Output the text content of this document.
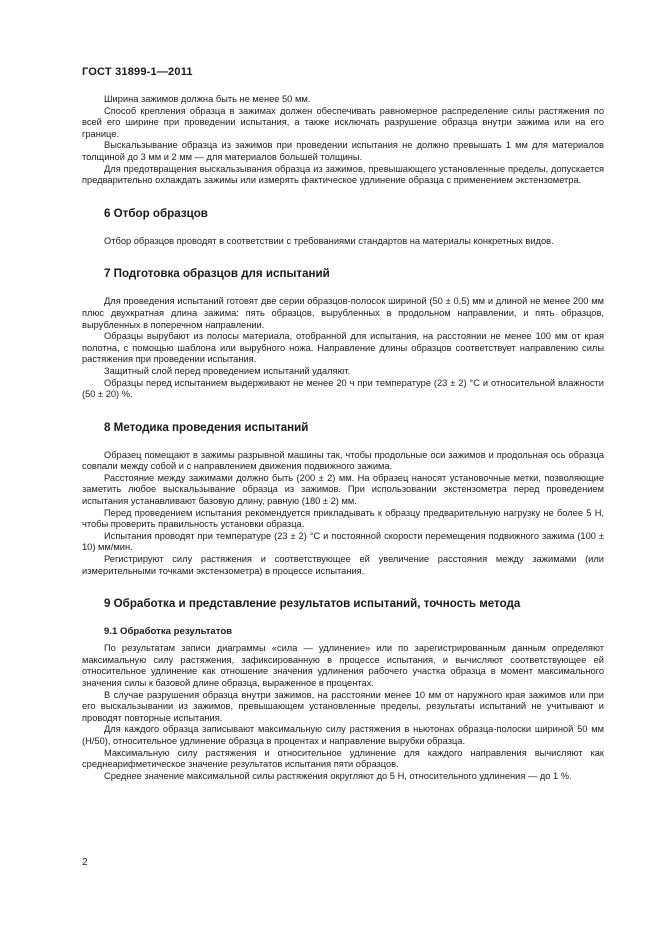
ГОСТ 31899-1—2011

Ширина зажимов должна быть не менее 50 мм.

Способ крепления образца в зажимах должен обеспечивать равномерное распределение силы растяжения по всей его ширине при проведении испытания, а также исключать разрушение образца внутри зажима или на его границе.

Выскальзывание образца из зажимов при проведении испытания не должно превышать 1 мм для материалов толщиной до 3 мм и 2 мм — для материалов большей толщины.

Для предотвращения выскальзывания образца из зажимов, превышающего установленные пределы, допускается предварительно охлаждать зажимы или измерять фактическое удлинение образца с применением экстензометра.

6 Отбор образцов

Отбор образцов проводят в соответствии с требованиями стандартов на материалы конкретных видов.

7 Подготовка образцов для испытаний

Для проведения испытаний готовят две серии образцов-полосок шириной (50 ± 0,5) мм и длиной не менее 200 мм плюс двухкратная длина зажима: пять образцов, вырубленных в продольном направлении, и пять образцов, вырубленных в поперечном направлении.

Образцы вырубают из полосы материала, отобранной для испытания, на расстоянии не менее 100 мм от края полотна, с помощью шаблона или вырубного ножа. Направление длины образцов соответствует направлению силы растяжения при проведении испытания.

Защитный слой перед проведением испытаний удаляют.

Образцы перед испытанием выдерживают не менее 20 ч при температуре (23 ± 2) °С и относительной влажности (50 ± 20) %.

8 Методика проведения испытаний

Образец помещают в зажимы разрывной машины так, чтобы продольные оси зажимов и продольная ось образца совпали между собой и с направлением движения подвижного зажима.

Расстояние между зажимами должно быть (200 ± 2) мм. На образец наносят установочные метки, позволяющие заметить любое выскальзывание образца из зажимов. При использовании экстензометра перед проведением испытания устанавливают базовую длину, равную (180 ± 2) мм.

Перед проведением испытания рекомендуется прикладывать к образцу предварительную нагрузку не более 5 Н, чтобы проверить правильность установки образца.

Испытания проводят при температуре (23 ± 2) °С и постоянной скорости перемещения подвижного зажима (100 ± 10) мм/мин.

Регистрируют силу растяжения и соответствующее ей увеличение расстояния между зажимами (или измерительными точками экстензометра) в процессе испытания.

9 Обработка и представление результатов испытаний, точность метода
9.1 Обработка результатов

По результатам записи диаграммы «сила — удлинение» или по зарегистрированным данным определяют максимальную силу растяжения, зафиксированную в процессе испытания, и вычисляют соответствующее ей относительное удлинение как отношение значения удлинения рабочего участка образца в момент максимального значения силы к базовой длине образца, выраженное в процентах.

В случае разрушения образца внутри зажимов, на расстоянии менее 10 мм от наружного края зажимов или при его выскальзывании из зажимов, превышающем установленные пределы, результаты испытаний не учитывают и проводят повторные испытания.

Для каждого образца записывают максимальную силу растяжения в ньютонах образца-полоски шириной 50 мм (Н/50), относительное удлинение образца в процентах и направление вырубки образца.

Максимальную силу растяжения и относительное удлинение для каждого направления вычисляют как среднеарифметическое значение результатов испытания пяти образцов.

Среднее значение максимальной силы растяжения округляют до 5 Н, относительного удлинения — до 1 %.

2
